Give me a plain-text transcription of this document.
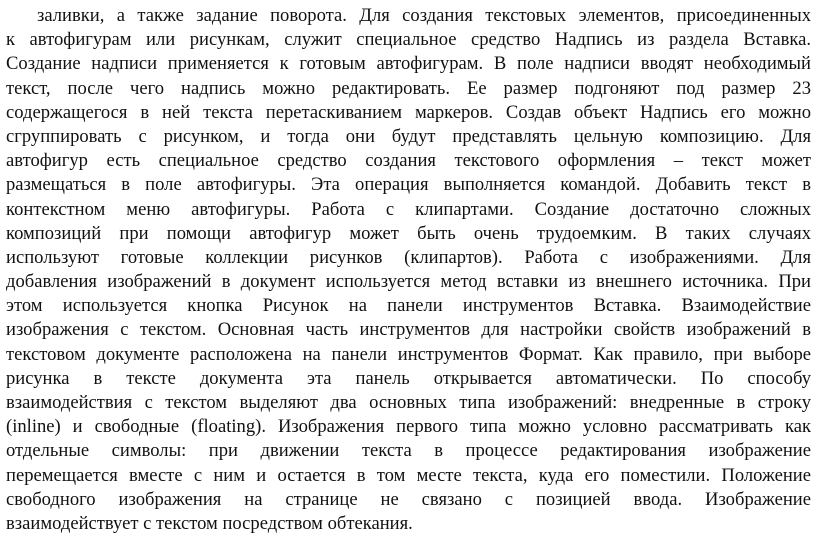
заливки, а также задание поворота. Для создания текстовых элементов, присоединенных
к автофигурам или рисункам, служит специальное средство Надпись из раздела Вставка.
Создание надписи применяется к готовым автофигурам. В поле надписи вводят необходимый
текст, после чего надпись можно редактировать. Ее размер подгоняют под размер 23
содержащегося в ней текста перетаскиванием маркеров. Создав объект Надпись его можно
сгруппировать с рисунком, и тогда они будут представлять цельную композицию. Для
автофигур есть специальное средство создания текстового оформления – текст может
размещаться в поле автофигуры. Эта операция выполняется командой. Добавить текст в
контекстном меню автофигуры. Работа с клипартами. Создание достаточно сложных
композиций при помощи автофигур может быть очень трудоемким. В таких случаях
используют готовые коллекции рисунков (клипартов). Работа с изображениями. Для
добавления изображений в документ используется метод вставки из внешнего источника. При
этом используется кнопка Рисунок на панели инструментов Вставка. Взаимодействие
изображения с текстом. Основная часть инструментов для настройки свойств изображений в
текстовом документе расположена на панели инструментов Формат. Как правило, при выборе
рисунка в тексте документа эта панель открывается автоматически. По способу
взаимодействия с текстом выделяют два основных типа изображений: внедренные в строку
(inline) и свободные (floating). Изображения первого типа можно условно рассматривать как
отдельные символы: при движении текста в процессе редактирования изображение
перемещается вместе с ним и остается в том месте текста, куда его поместили. Положение
свободного изображения на странице не связано с позицией ввода. Изображение
взаимодействует с текстом посредством обтекания.
